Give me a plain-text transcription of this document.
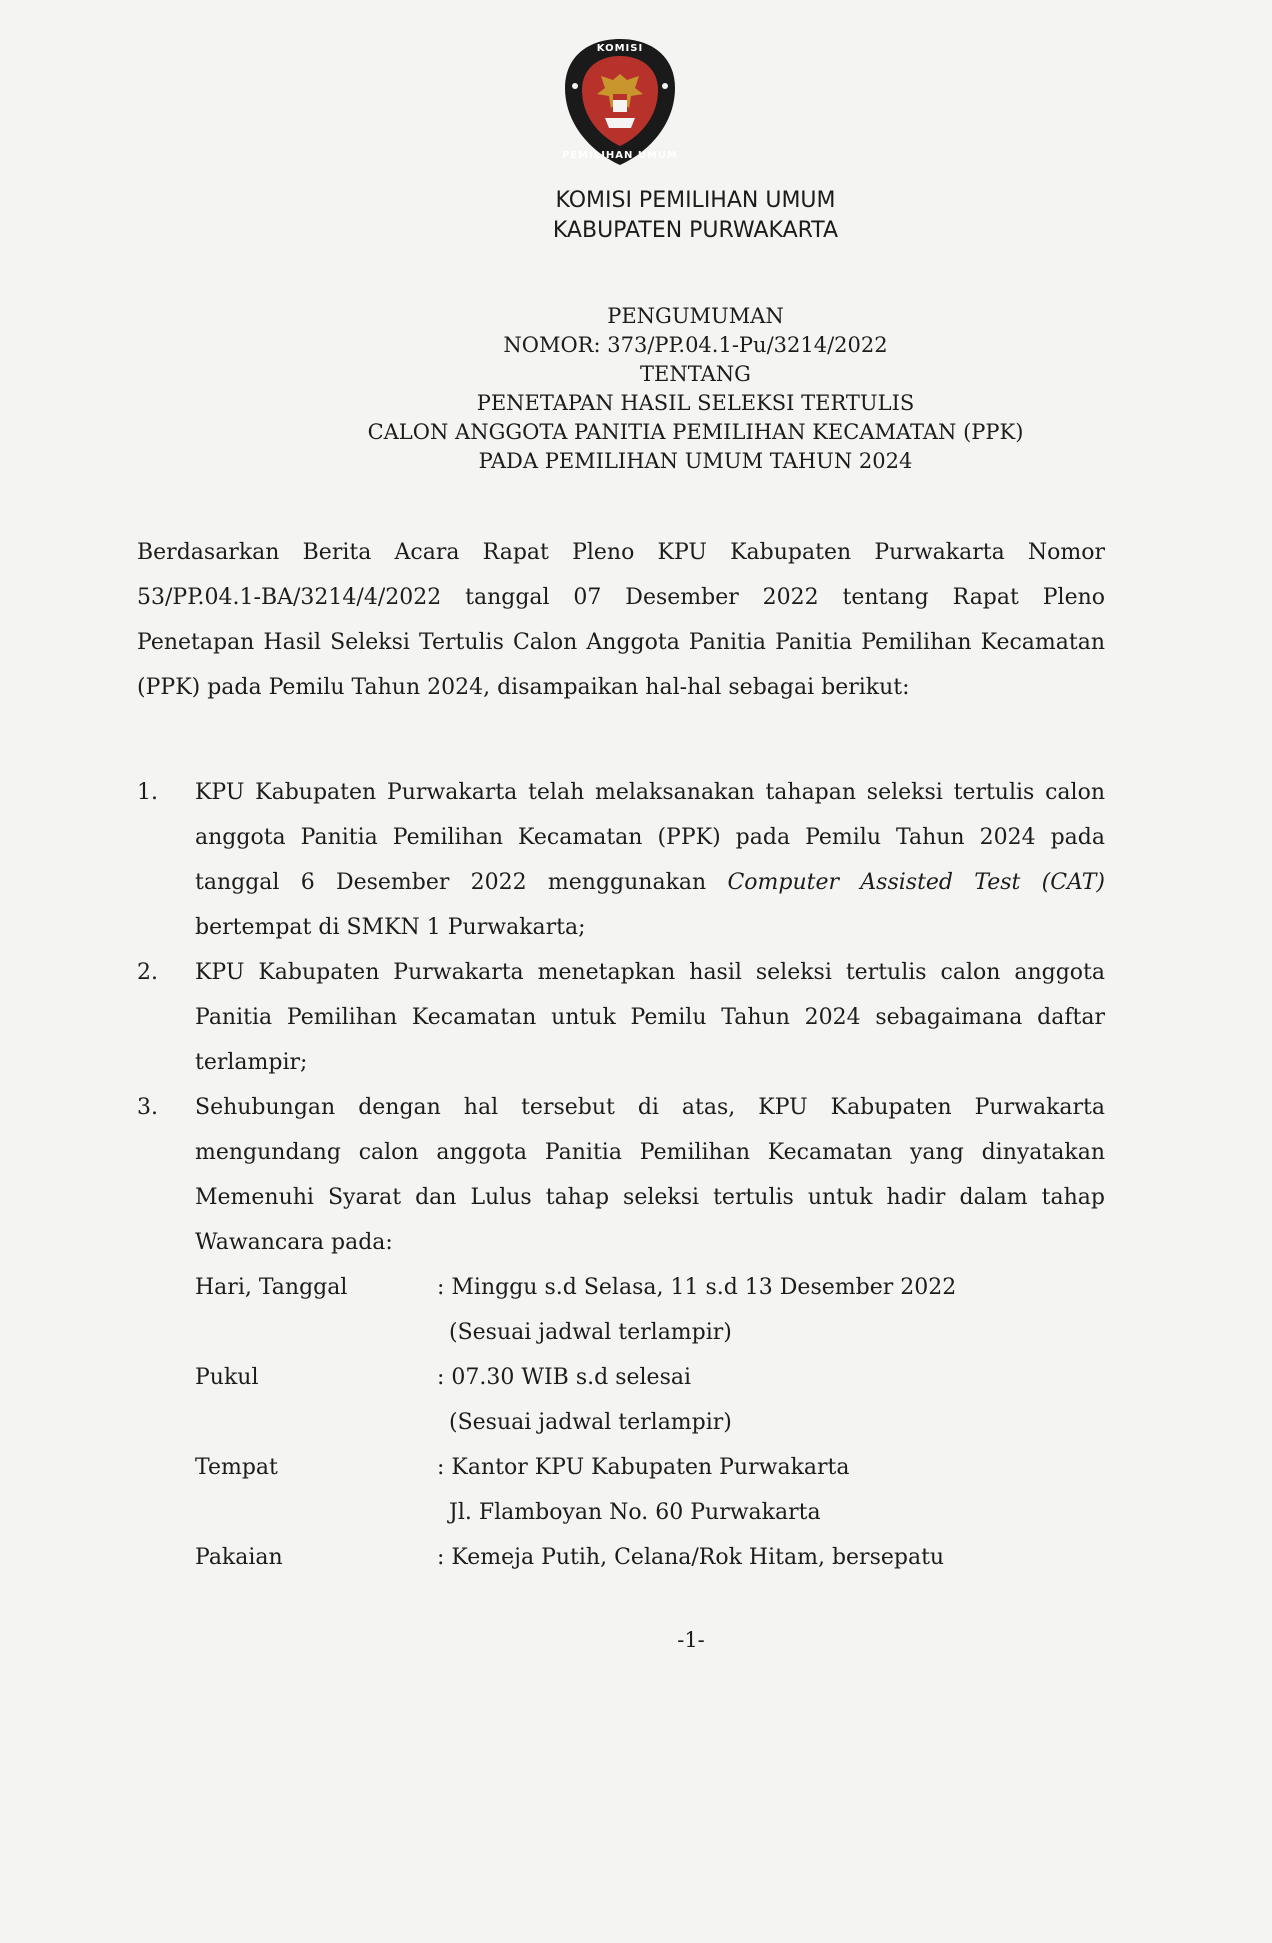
KOMISI
PEMILIHAN UMUM
KOMISI PEMILIHAN UMUM
KABUPATEN PURWAKARTA
PENGUMUMAN
NOMOR: 373/PP.04.1-Pu/3214/2022
TENTANG
PENETAPAN HASIL SELEKSI TERTULIS
CALON ANGGOTA PANITIA PEMILIHAN KECAMATAN (PPK)
PADA PEMILIHAN UMUM TAHUN 2024
Berdasarkan Berita Acara Rapat Pleno KPU Kabupaten Purwakarta Nomor 53/PP.04.1-BA/3214/4/2022 tanggal 07 Desember 2022 tentang Rapat Pleno Penetapan Hasil Seleksi Tertulis Calon Anggota Panitia Panitia Pemilihan Kecamatan (PPK) pada Pemilu Tahun 2024, disampaikan hal-hal sebagai berikut:
1. KPU Kabupaten Purwakarta telah melaksanakan tahapan seleksi tertulis calon anggota Panitia Pemilihan Kecamatan (PPK) pada Pemilu Tahun 2024 pada tanggal 6 Desember 2022 menggunakan Computer Assisted Test (CAT) bertempat di SMKN 1 Purwakarta;

2. KPU Kabupaten Purwakarta menetapkan hasil seleksi tertulis calon anggota Panitia Pemilihan Kecamatan untuk Pemilu Tahun 2024 sebagaimana daftar terlampir;

3. Sehubungan dengan hal tersebut di atas, KPU Kabupaten Purwakarta mengundang calon anggota Panitia Pemilihan Kecamatan yang dinyatakan Memenuhi Syarat dan Lulus tahap seleksi tertulis untuk hadir dalam tahap Wawancara pada:

Hari, Tanggal	: Minggu s.d Selasa, 11 s.d 13 Desember 2022
(Sesuai jadwal terlampir)
Pukul	: 07.30 WIB s.d selesai
(Sesuai jadwal terlampir)
Tempat	: Kantor KPU Kabupaten Purwakarta
Jl. Flamboyan No. 60 Purwakarta
Pakaian	: Kemeja Putih, Celana/Rok Hitam, bersepatu
-1-
